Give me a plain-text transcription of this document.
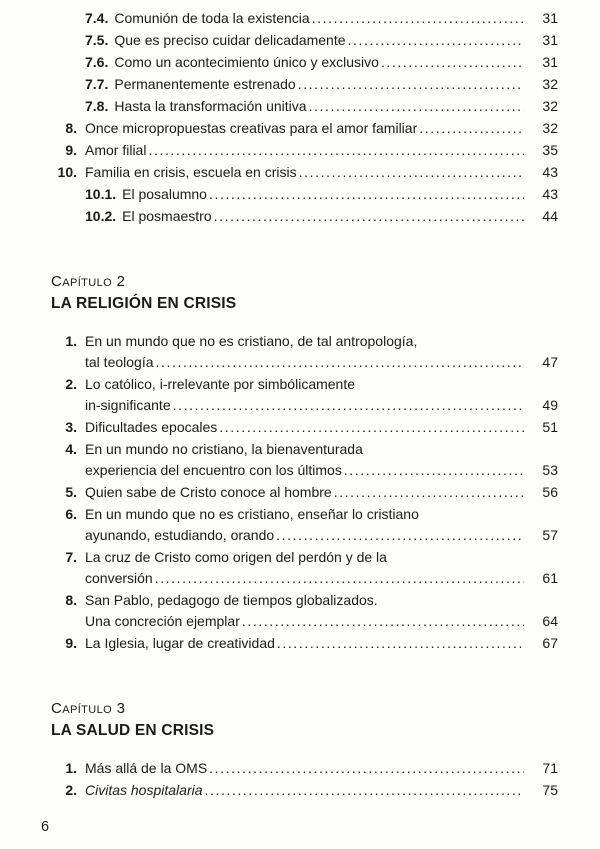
7.4. Comunión de toda la existencia .....	31
7.5. Que es preciso cuidar delicadamente .....	31
7.6. Como un acontecimiento único y exclusivo .....	31
7.7. Permanentemente estrenado .....	32
7.8. Hasta la transformación unitiva .....	32
8. Once micropropuestas creativas para el amor familiar .....	32
9. Amor filial .....	35
10. Familia en crisis, escuela en crisis .....	43
10.1. El posalumno .....	43
10.2. El posmaestro .....	44
Capítulo 2
LA RELIGIÓN EN CRISIS
1. En un mundo que no es cristiano, de tal antropología,
tal teología .....	47
2. Lo católico, i-rrelevante por simbólicamente
in-significante .....	49
3. Dificultades epocales .....	51
4. En un mundo no cristiano, la bienaventurada
experiencia del encuentro con los últimos .....	53
5. Quien sabe de Cristo conoce al hombre .....	56
6. En un mundo que no es cristiano, enseñar lo cristiano
ayunando, estudiando, orando .....	57
7. La cruz de Cristo como origen del perdón y de la
conversión .....	61
8. San Pablo, pedagogo de tiempos globalizados.
Una concreción ejemplar .....	64
9. La Iglesia, lugar de creatividad .....	67
Capítulo 3
LA SALUD EN CRISIS
1. Más allá de la OMS .....	71
2. Civitas hospitalaria .....	75
6
